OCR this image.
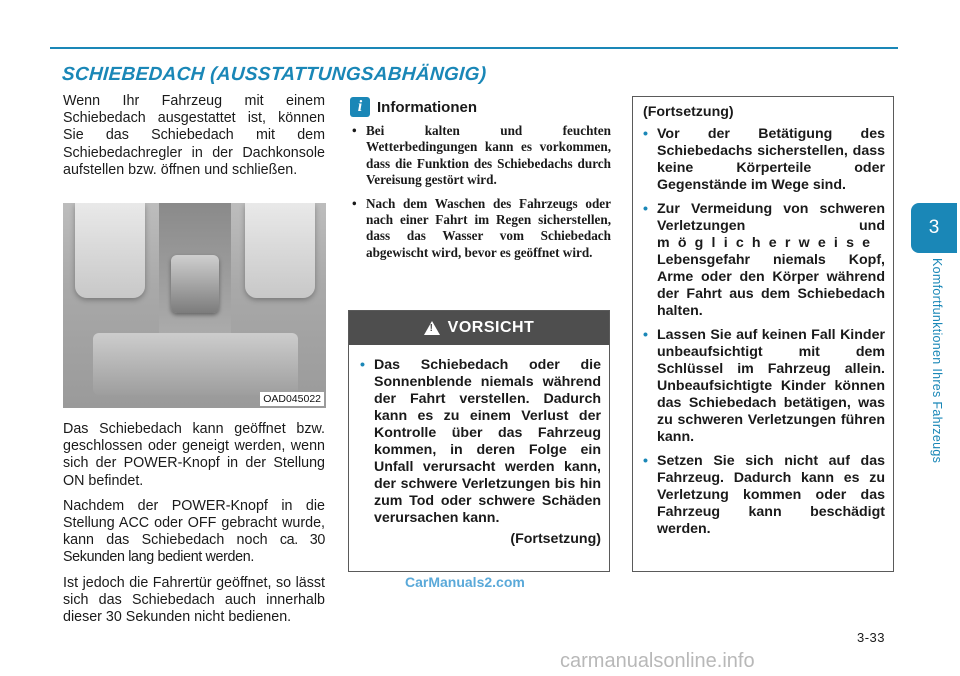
SCHIEBEDACH (AUSSTATTUNGSABHÄNGIG)

Wenn Ihr Fahrzeug mit einem Schiebedach ausgestattet ist, können Sie das Schiebedach mit dem Schiebedachregler in der Dachkonsole aufstellen bzw. öffnen und schließen.

OAD045022

Das Schiebedach kann geöffnet bzw. geschlossen oder geneigt werden, wenn sich der POWER-Knopf in der Stellung ON befindet.

Nachdem der POWER-Knopf in die Stellung ACC oder OFF gebracht wurde, kann das Schiebedach noch ca. 30 Sekunden lang bedient werden.

Ist jedoch die Fahrertür geöffnet, so lässt sich das Schiebedach auch innerhalb dieser 30 Sekunden nicht bedienen.

i Informationen
• Bei kalten und feuchten Wetterbedingungen kann es vorkommen, dass die Funktion des Schiebedachs durch Vereisung gestört wird.
• Nach dem Waschen des Fahrzeugs oder nach einer Fahrt im Regen sicherstellen, dass das Wasser vom Schiebedach abgewischt wird, bevor es geöffnet wird.
! VORSICHT
• Das Schiebedach oder die Sonnenblende niemals während der Fahrt verstellen. Dadurch kann es zu einem Verlust der Kontrolle über das Fahrzeug kommen, in deren Folge ein Unfall verursacht werden kann, der schwere Verletzungen bis hin zum Tod oder schwere Schäden verursachen kann.
(Fortsetzung)
(Fortsetzung)
• Vor der Betätigung des Schiebedachs sicherstellen, dass keine Körperteile oder Gegenstände im Wege sind.
• Zur Vermeidung von schweren Verletzungen und möglicherweise Lebensgefahr niemals Kopf, Arme oder den Körper während der Fahrt aus dem Schiebedach halten.
• Lassen Sie auf keinen Fall Kinder unbeaufsichtigt mit dem Schlüssel im Fahrzeug allein. Unbeaufsichtigte Kinder können das Schiebedach betätigen, was zu schweren Verletzungen führen kann.
• Setzen Sie sich nicht auf das Fahrzeug. Dadurch kann es zu Verletzung kommen oder das Fahrzeug kann beschädigt werden.
CarManuals2.com
3-33
carmanualsonline.info
3
Komfortfunktionen Ihres Fahrzeugs
